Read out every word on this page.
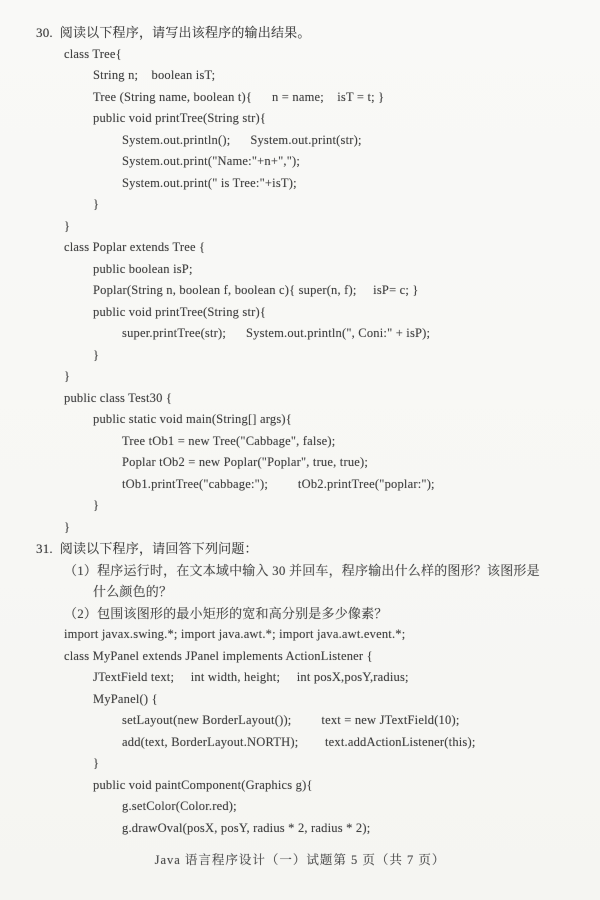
30.  阅读以下程序，请写出该程序的输出结果。
class Tree{
String n;    boolean isT;
Tree (String name, boolean t){      n = name;    isT = t; }
public void printTree(String str){
System.out.println();      System.out.print(str);
System.out.print("Name:"+n+",");
System.out.print(" is Tree:"+isT);
}
}
class Poplar extends Tree {
public boolean isP;
Poplar(String n, boolean f, boolean c){ super(n, f);     isP= c; }
public void printTree(String str){
super.printTree(str);      System.out.println(", Coni:" + isP);
}
}
public class Test30 {
public static void main(String[] args){
Tree tOb1 = new Tree("Cabbage", false);
Poplar tOb2 = new Poplar("Poplar", true, true);
tOb1.printTree("cabbage:");         tOb2.printTree("poplar:");
}
}
31.  阅读以下程序，请回答下列问题：
（1）程序运行时，在文本域中输入 30 并回车，程序输出什么样的图形？该图形是
什么颜色的？
（2）包围该图形的最小矩形的宽和高分别是多少像素？
import javax.swing.*; import java.awt.*; import java.awt.event.*;
class MyPanel extends JPanel implements ActionListener {
JTextField text;     int width, height;     int posX,posY,radius;
MyPanel() {
setLayout(new BorderLayout());         text = new JTextField(10);
add(text, BorderLayout.NORTH);        text.addActionListener(this);
}
public void paintComponent(Graphics g){
g.setColor(Color.red);
g.drawOval(posX, posY, radius * 2, radius * 2);
Java 语言程序设计（一）试题第 5 页（共 7 页）
